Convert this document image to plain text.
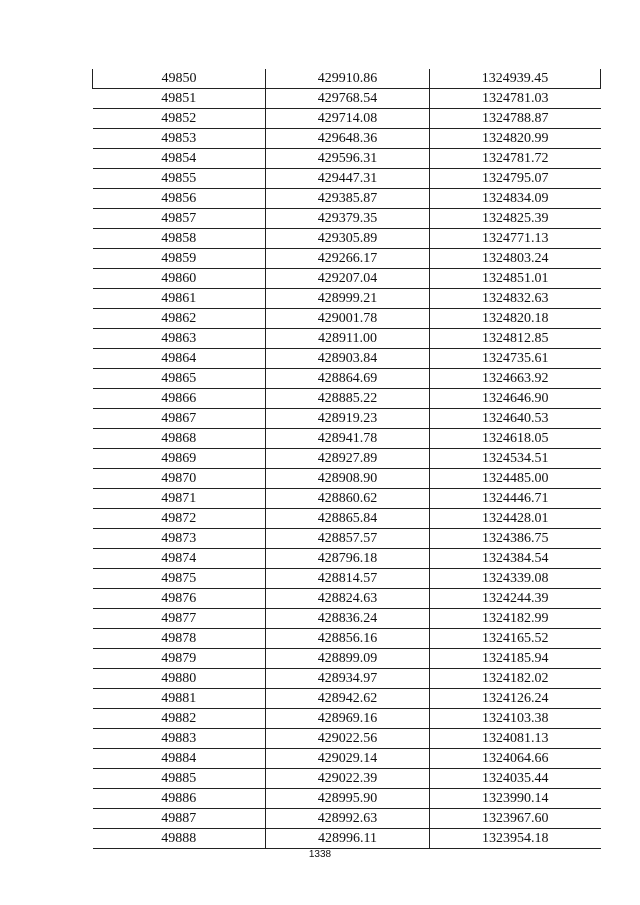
49850	429910.86	1324939.45
49851	429768.54	1324781.03
49852	429714.08	1324788.87
49853	429648.36	1324820.99
49854	429596.31	1324781.72
49855	429447.31	1324795.07
49856	429385.87	1324834.09
49857	429379.35	1324825.39
49858	429305.89	1324771.13
49859	429266.17	1324803.24
49860	429207.04	1324851.01
49861	428999.21	1324832.63
49862	429001.78	1324820.18
49863	428911.00	1324812.85
49864	428903.84	1324735.61
49865	428864.69	1324663.92
49866	428885.22	1324646.90
49867	428919.23	1324640.53
49868	428941.78	1324618.05
49869	428927.89	1324534.51
49870	428908.90	1324485.00
49871	428860.62	1324446.71
49872	428865.84	1324428.01
49873	428857.57	1324386.75
49874	428796.18	1324384.54
49875	428814.57	1324339.08
49876	428824.63	1324244.39
49877	428836.24	1324182.99
49878	428856.16	1324165.52
49879	428899.09	1324185.94
49880	428934.97	1324182.02
49881	428942.62	1324126.24
49882	428969.16	1324103.38
49883	429022.56	1324081.13
49884	429029.14	1324064.66
49885	429022.39	1324035.44
49886	428995.90	1323990.14
49887	428992.63	1323967.60
49888	428996.11	1323954.18
1338
